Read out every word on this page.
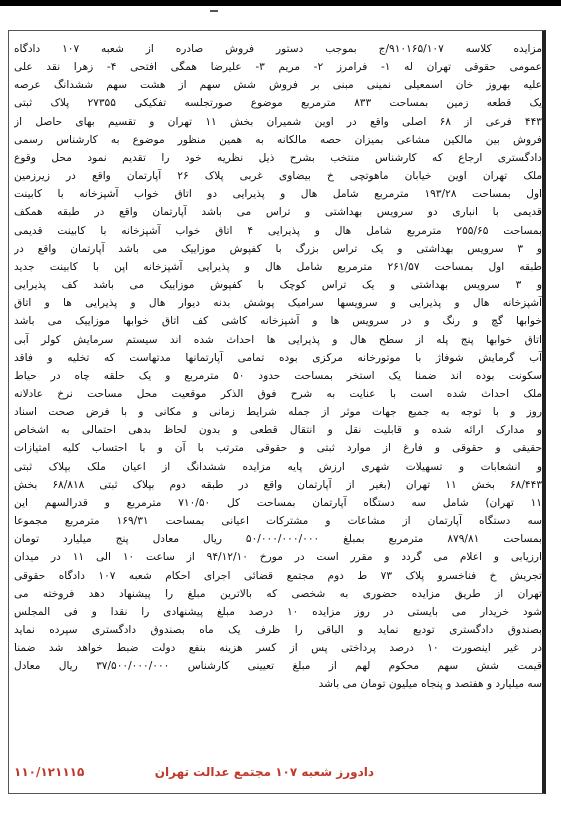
مزایده کلاسه ۹۱۰۱۶۵/۱۰۷/ج بموجب دستور فروش صادره از شعبه ۱۰۷ دادگاه
عمومی حقوقی تهران له ۱- فرامرز ۲- مریم ۳- علیرضا همگی افتحی ۴- زهرا نقد علی
علیه بهروز خان اسمعیلی نمینی مبنی بر فروش شش سهم از هشت سهم ششدانگ عرصه
یک قطعه زمین بمساحت ۸۳۳ مترمربع موضوع صورتجلسه تفکیکی ۲۷۳۵۵ پلاک ثبتی
۴۴۳ فرعی از ۶۸ اصلی واقع در اوین شمیران بخش ۱۱ تهران و تقسیم بهای حاصل از
فروش بین مالکین مشاعی بمیزان حصه مالکانه به همین منظور موضوع به کارشناس رسمی
دادگستری ارجاع که کارشناس منتخب بشرح ذیل نظریه خود را تقدیم نمود محل وقوع
ملک تهران اوین خیابان ماهوتچی خ بیضاوی غربی پلاک ۲۶ آپارتمان واقع در زیرزمین
اول بمساحت ۱۹۳/۲۸ مترمربع شامل هال و پذیرایی دو اتاق خواب آشپزخانه با کابینت
قدیمی با انباری دو سرویس بهداشتی و تراس می باشد آپارتمان واقع در طبقه همکف
بمساحت ۲۵۵/۶۵ مترمربع شامل هال و پذیرایی ۴ اتاق خواب آشپزخانه با کابینت قدیمی
و ۳ سرویس بهداشتی و یک تراس بزرگ با کفپوش موزاییک می باشد آپارتمان واقع در
طبقه اول بمساحت ۲۶۱/۵۷ مترمربع شامل هال و پذیرایی آشپزخانه اپن با کابینت جدید
و ۳ سرویس بهداشتی و یک تراس کوچک با کفپوش موزاییک می باشد کف پذیرایی
آشپزخانه هال و پذیرایی و سرویسها سرامیک پوشش بدنه دیوار هال و پذیرایی ها و اتاق
خوابها گچ و رنگ و در سرویس ها و آشپزخانه کاشی کف اتاق خوابها موزاییک می باشد
اتاق خوابها پنج پله از سطح هال و پذیرایی ها احداث شده اند سیستم سرمایش کولر آبی
آب گرمایش شوفاژ با موتورخانه مرکزی بوده تمامی آپارتمانها مدتهاست که تخلیه و فاقد
سکونت بوده اند ضمنا یک استخر بمساحت حدود ۵۰ مترمربع و یک حلقه چاه در حیاط
ملک احداث شده است با عنایت به شرح فوق الذکر موقعیت محل مساحت نرخ عادلانه
روز و با توجه به جمیع جهات موثر از جمله شرایط زمانی و مکانی و با فرض صحت اسناد
و مدارک ارائه شده و قابلیت نقل و انتقال قطعی و بدون لحاظ بدهی احتمالی به اشخاص
حقیقی و حقوقی و فارغ از موارد ثبتی و حقوقی مترتب با آن و با احتساب کلیه امتیازات
و انشعابات و تسهیلات شهری ارزش پایه مزایده ششدانگ از اعیان ملک بپلاک ثبتی
۶۸/۴۴۳ بخش ۱۱ تهران (بغیر از آپارتمان واقع در طبقه دوم بپلاک ثبتی ۶۸/۸۱۸ بخش
۱۱ تهران) شامل سه دستگاه آپارتمان بمساحت کل ۷۱۰/۵۰ مترمربع و قدرالسهم این
سه دستگاه آپارتمان از مشاعات و مشترکات اعیانی بمساحت ۱۶۹/۳۱ مترمربع مجموعا
بمساحت ۸۷۹/۸۱ مترمربع بمبلغ ۵۰/۰۰۰/۰۰۰/۰۰۰ ریال معادل پنج میلیارد تومان
ارزیابی و اعلام می گردد و مقرر است در مورخ ۹۴/۱۲/۱۰ از ساعت ۱۰ الی ۱۱ در میدان
تجریش خ فناخسرو پلاک ۷۳ ط دوم مجتمع قضائی اجرای احکام شعبه ۱۰۷ دادگاه حقوقی
تهران از طریق مزایده حضوری به شخصی که بالاترین مبلغ را پیشنهاد دهد فروخته می
شود خریدار می بایستی در روز مزایده ۱۰ درصد مبلغ پیشنهادی را نقدا و فی المجلس
بصندوق دادگستری تودیع نماید و الباقی را ظرف یک ماه بصندوق دادگستری سپرده نماید
در غیر اینصورت ۱۰ درصد پرداختی پس از کسر هزینه بنفع دولت ضبط خواهد شد ضمنا
قیمت شش سهم محکوم لهم از مبلغ تعیینی کارشناس ۳۷/۵۰۰/۰۰۰/۰۰۰ ریال معادل
سه میلیارد و هفتصد و پنجاه میلیون تومان می باشد
دادورز شعبه ۱۰۷ مجتمع عدالت تهران
۱۱۰/۱۲۱۱۱۵
